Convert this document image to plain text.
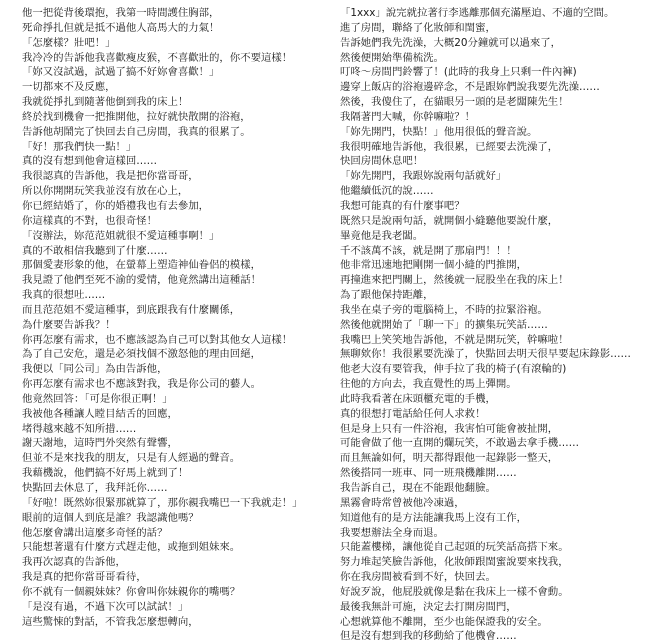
他一把從背後環抱，我第一時間護住胸部，
死命掙扎但就是抵不過他人高馬大的力氣！
「怎麼樣？壯吧！」
我冷冷的告訴他我喜歡瘦皮猴，不喜歡壯的，你不要這樣！
「妳又沒試過，試過了搞不好妳會喜歡！」
一切都來不及反應，
我就從掙扎到隨著他倒到我的床上！
終於找到機會一把推開他，拉好就快散開的浴袍，
告訴他胡鬧完了快回去自己房間，我真的很累了。
「好！那我們快一點！」
真的沒有想到他會這樣回……
我很認真的告訴他，我是把你當哥哥，
所以你開開玩笑我並沒有放在心上，
你已經結婚了，你的婚禮我也有去參加，
你這樣真的不對，也很奇怪！
「沒辦法，妳范范姐就很不愛這種事啊！」
真的不敢相信我聽到了什麼……
那個愛妻形象的他，在螢幕上塑造神仙眷侶的模樣，
我見證了他們至死不渝的愛情，他竟然講出這種話！
我真的很想吐……
而且范范姐不愛這種事，到底跟我有什麼關係，
為什麼要告訴我？！
你再怎麼有需求，也不應該認為自己可以對其他女人這樣！
為了自己安危，還是必須找個不激怒他的理由回絕，
我便以「同公司」為由告訴他，
你再怎麼有需求也不應該對我，我是你公司的藝人。
他竟然回答：「可是你很正啊！」
我被他各種讓人瞠目結舌的回應，
堵得越來越不知所措……
謝天謝地，這時門外突然有聲響，
但並不是來找我的朋友，只是有人經過的聲音。
我藉機說，他們搞不好馬上就到了！
快點回去休息了，我拜託你……
「好啦！既然妳很緊那就算了，那你親我嘴巴一下我就走！」
眼前的這個人到底是誰？我認識他嗎？
他怎麼會講出這麼多奇怪的話？
只能想著還有什麼方式趕走他，或拖到姐妹來。
我再次認真的告訴他，
我是真的把你當哥哥看待，
你不就有一個親妹妹？你會叫你妹親你的嘴嗎？
「是沒有過，不過下次可以試試！」
這些驚悚的對話，不管我怎麼想轉向，
「1xxx」說完就拉著行李逃離那個充滿壓迫、不適的空間。
進了房間，聯絡了化妝師和閨蜜，
告訴她們我先洗澡，大概20分鐘就可以過來了，
然後便開始準備梳洗。
叮咚～房間門鈴響了！(此時的我身上只剩一件內褲)
邊穿上飯店的浴袍邊碎念，不是跟妳們說我要先洗澡……
然後，我傻住了，在貓眼另一頭的是老闆陳先生！
我隔著門大喊，你幹嘛啦？！
「妳先開門，快點！」他用很低的聲音說。
我很明確地告訴他，我很累，已經要去洗澡了，
快回房間休息吧！
「妳先開門，我跟妳說兩句話就好」
他繼續低沉的說……
我想可能真的有什麼事吧？
既然只是說兩句話，就開個小縫聽他要說什麼，
畢竟他是我老闆。
千不該萬不該，就是開了那扇門！！！
他非常迅速地把剛開一個小縫的門推開，
再撞進來把門關上，然後就一屁股坐在我的床上！
為了跟他保持距離，
我坐在桌子旁的電腦椅上，不時的拉緊浴袍。
然後他就開始了「聊一下」的擴集玩笑話……
我嘴巴上笑笑地告訴他，不就是開玩笑，幹嘛啦！
無聊欸你！我很累要洗澡了，快點回去明天很早要起床錄影……
他老大沒有要管我，伸手拉了我的椅子(有滾輪的)
往他的方向去，我直覺性的馬上彈開。
此時我看著在床頭櫃充電的手機，
真的很想打電話給任何人求救！
但是身上只有一件浴袍，我害怕可能會被扯開，
可能會做了他一直開的爛玩笑，不敢過去拿手機……
而且無論如何，明天都得跟他一起錄影一整天，
然後搭同一班車、同一班飛機離開……
我告訴自己，現在不能跟他翻臉。
黑霧會時常曾被他冷凍過，
知道他有的是方法能讓我馬上沒有工作，
我要想辦法全身而退。
只能蓋樓梯，讓他從自己起頭的玩笑話高搭下來。
努力堆起笑臉告訴他，化妝師跟閨蜜說要來找我，
你在我房間被看到不好，快回去。
好說歹說，他屁股就像是黏在我床上一樣不會動。
最後我無計可施，決定去打開房間門，
心想就算他不離開，至少也能保證我的安全。
但是沒有想到我的移動給了他機會……
